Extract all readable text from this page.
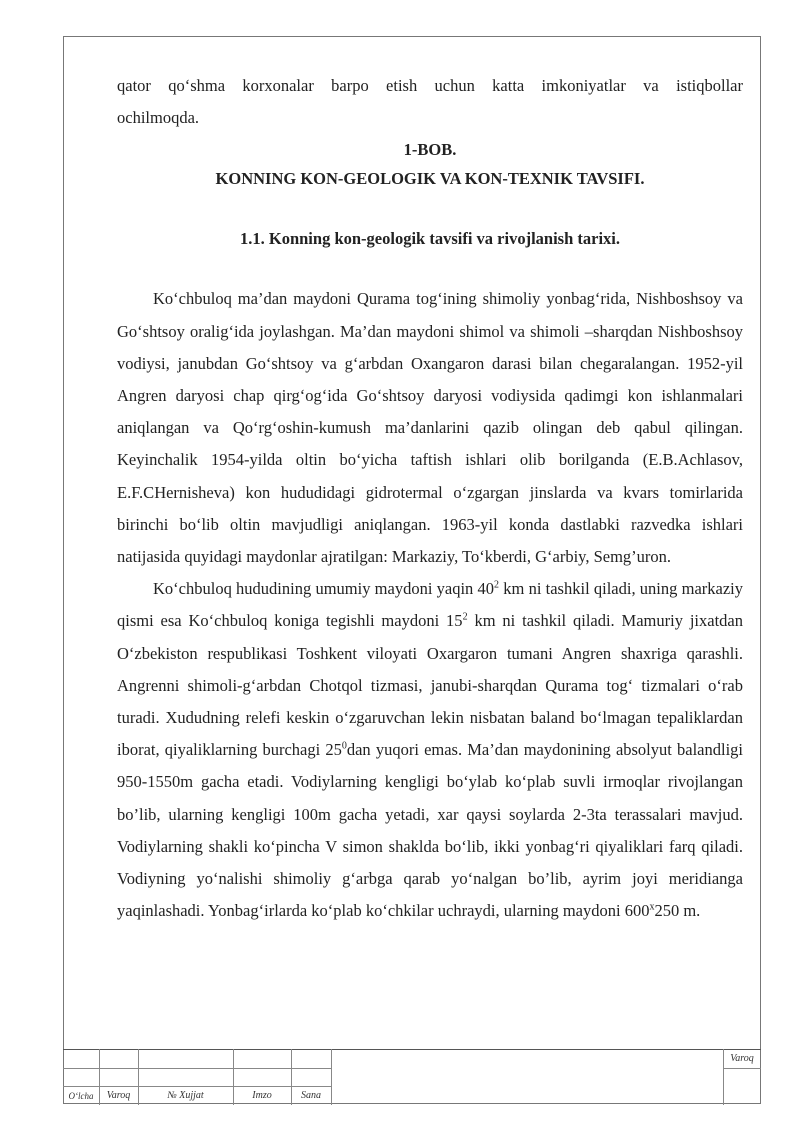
qator qo‘shma korxonalar barpo etish uchun katta imkoniyatlar va istiqbollar

ochilmoqda.

1-BOB.
KONNING KON-GEOLOGIK VA KON-TEXNIK TAVSIFI.
1.1. Konning kon-geologik tavsifi va rivojlanish tarixi.

Ko‘chbuloq ma’dan maydoni Qurama tog‘ining shimoliy yonbag‘rida, Nishboshsoy va Go‘shtsoy oralig‘ida joylashgan. Ma’dan maydoni shimol va shimoli –sharqdan Nishboshsoy vodiysi, janubdan Go‘shtsoy va g‘arbdan Oxangaron darasi bilan chegaralangan. 1952-yil Angren daryosi chap qirg‘og‘ida Go‘shtsoy daryosi vodiysida qadimgi kon ishlanmalari aniqlangan va Qo‘rg‘oshin-kumush ma’danlarini qazib olingan deb qabul qilingan. Keyinchalik 1954-yilda oltin bo‘yicha taftish ishlari olib borilganda (E.B.Achlasov, E.F.CHernisheva) kon hududidagi gidrotermal o‘zgargan jinslarda va kvars tomirlarida birinchi bo‘lib oltin mavjudligi aniqlangan. 1963-yil konda dastlabki razvedka ishlari natijasida quyidagi maydonlar ajratilgan: Markaziy, To‘kberdi, G‘arbiy, Semg’uron.

Ko‘chbuloq hududining umumiy maydoni yaqin $40^2$ km ni tashkil qiladi, uning markaziy qismi esa Ko‘chbuloq koniga tegishli maydoni $15^2$ km ni tashkil qiladi. Mamuriy jixatdan O‘zbekiston respublikasi Toshkent viloyati Oxargaron tumani Angren shaxriga qarashli. Angrenni shimoli-g‘arbdan Chotqol tizmasi, janubi-sharqdan Qurama tog‘ tizmalari o‘rab turadi. Xududning relefi keskin o‘zgaruvchan lekin nisbatan baland bo‘lmagan tepaliklardan iborat, qiyaliklarning burchagi $25^0dan$ yuqori emas. Ma’dan maydonining absolyut balandligi 950-1550m gacha etadi. Vodiylarning kengligi bo‘ylab ko‘plab suvli irmoqlar rivojlangan bo’lib, ularning kengligi 100m gacha yetadi, xar qaysi soylarda 2-3ta terassalari mavjud. Vodiylarning shakli ko‘pincha V simon shaklda bo‘lib, ikki yonbag‘ri qiyaliklari farq qiladi. Vodiyning yo‘nalishi shimoliy g‘arbga qarab yo‘nalgan bo’lib, ayrim joyi meridianga yaqinlashadi. Yonbag‘irlarda ko‘plab ko‘chkilar uchraydi, ularning maydoni 600$^x$250 m.

O‘lcha	Varoq	№ Xujjat	Imzo	Sana
Varoq
